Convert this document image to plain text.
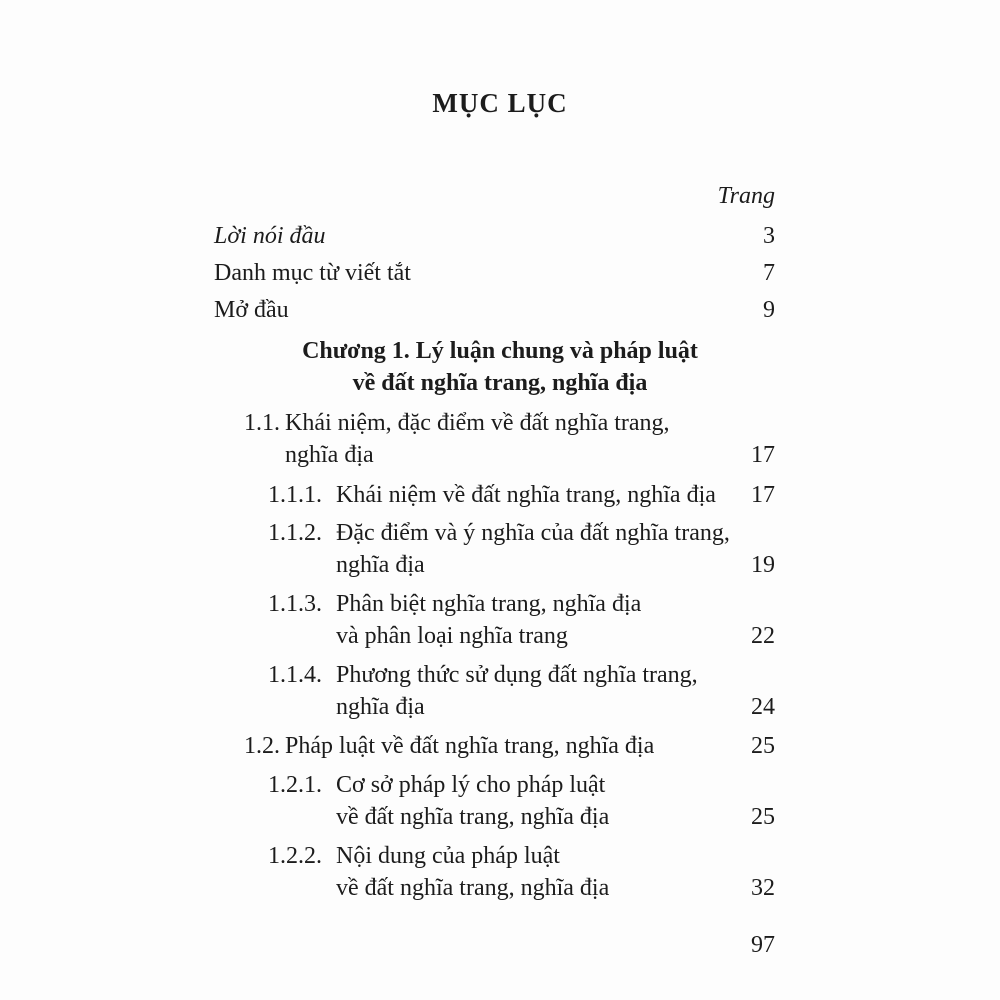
MỤC LỤC
Trang
Lời nói đầu	3
Danh mục từ viết tắt	7
Mở đầu	9
Chương 1. Lý luận chung và pháp luật
về đất nghĩa trang, nghĩa địa
1.1. Khái niệm, đặc điểm về đất nghĩa trang,
nghĩa địa	17
1.1.1. Khái niệm về đất nghĩa trang, nghĩa địa 17
1.1.2. Đặc điểm và ý nghĩa của đất nghĩa trang,
nghĩa địa	19
1.1.3. Phân biệt nghĩa trang, nghĩa địa
và phân loại nghĩa trang	22
1.1.4. Phương thức sử dụng đất nghĩa trang,
nghĩa địa	24
1.2. Pháp luật về đất nghĩa trang, nghĩa địa	25
1.2.1. Cơ sở pháp lý cho pháp luật
về đất nghĩa trang, nghĩa địa	25
1.2.2. Nội dung của pháp luật
về đất nghĩa trang, nghĩa địa	32
97
